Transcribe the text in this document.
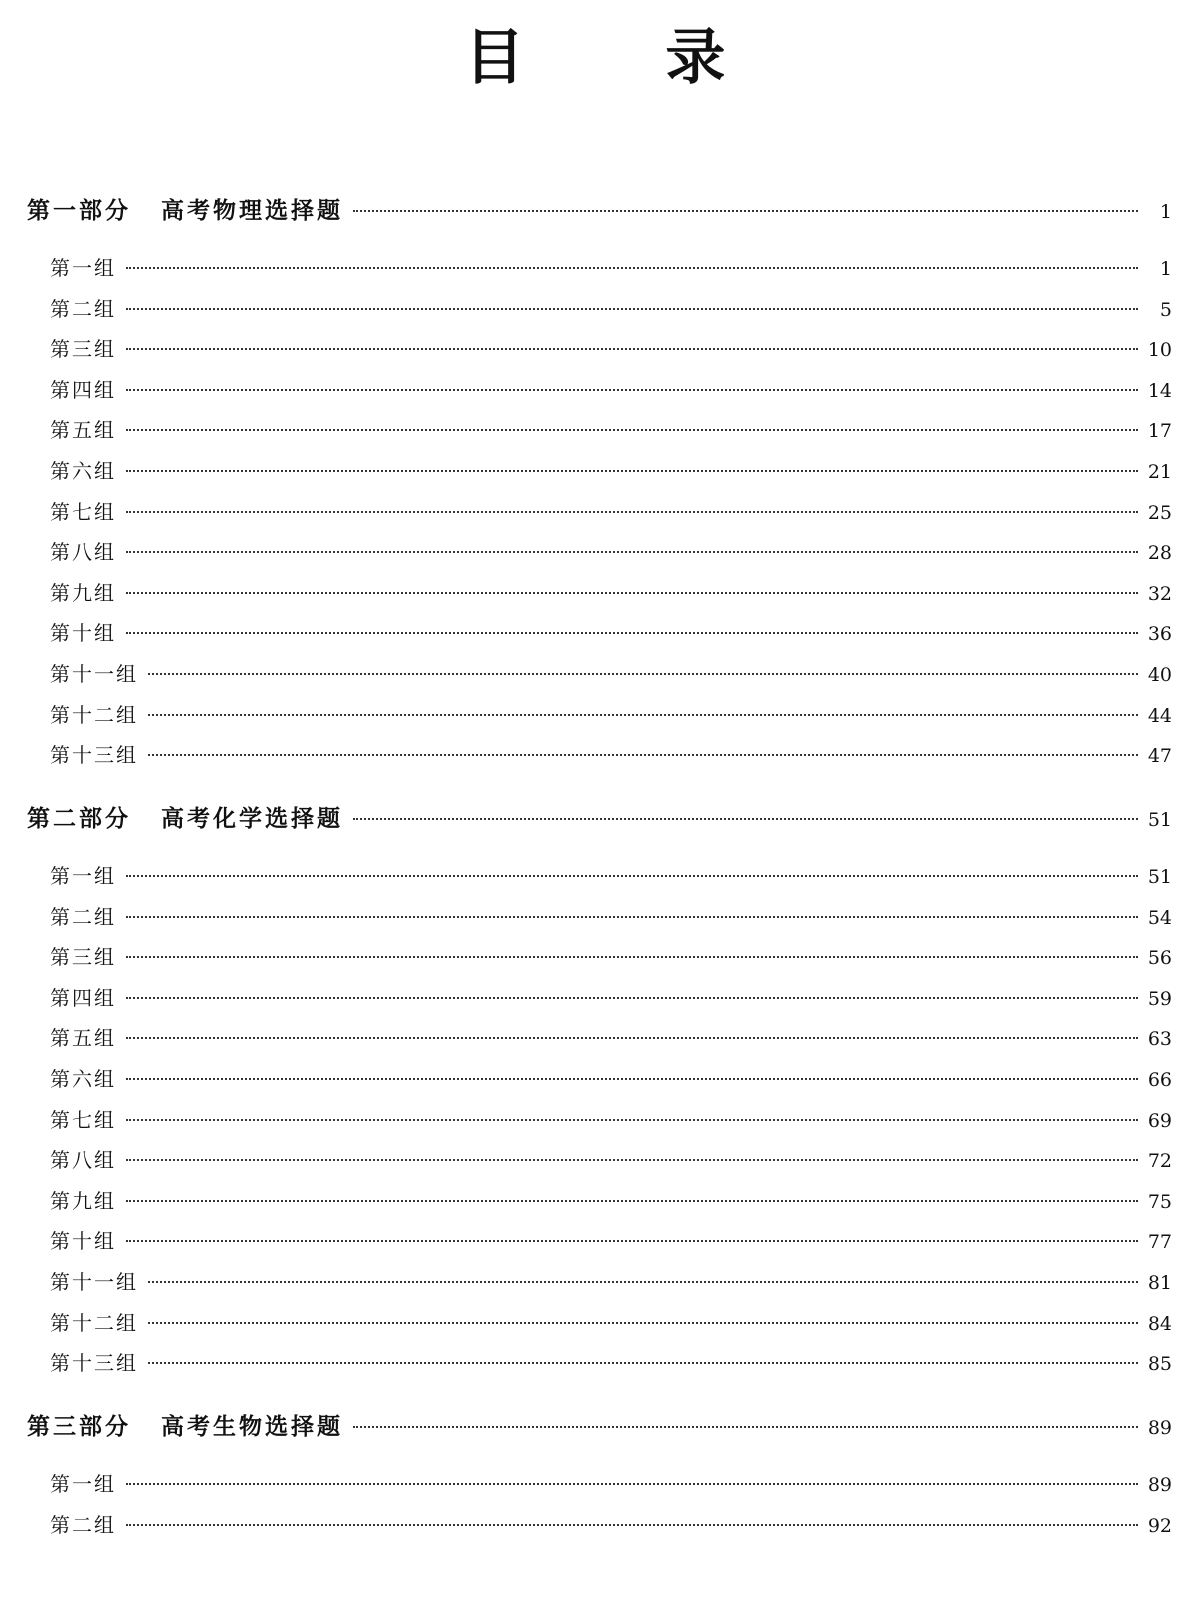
目 录
第一部分 高考物理选择题	1
第一组	1
第二组	5
第三组	10
第四组	14
第五组	17
第六组	21
第七组	25
第八组	28
第九组	32
第十组	36
第十一组	40
第十二组	44
第十三组	47
第二部分 高考化学选择题	51
第一组	51
第二组	54
第三组	56
第四组	59
第五组	63
第六组	66
第七组	69
第八组	72
第九组	75
第十组	77
第十一组	81
第十二组	84
第十三组	85
第三部分 高考生物选择题	89
第一组	89
第二组	92
